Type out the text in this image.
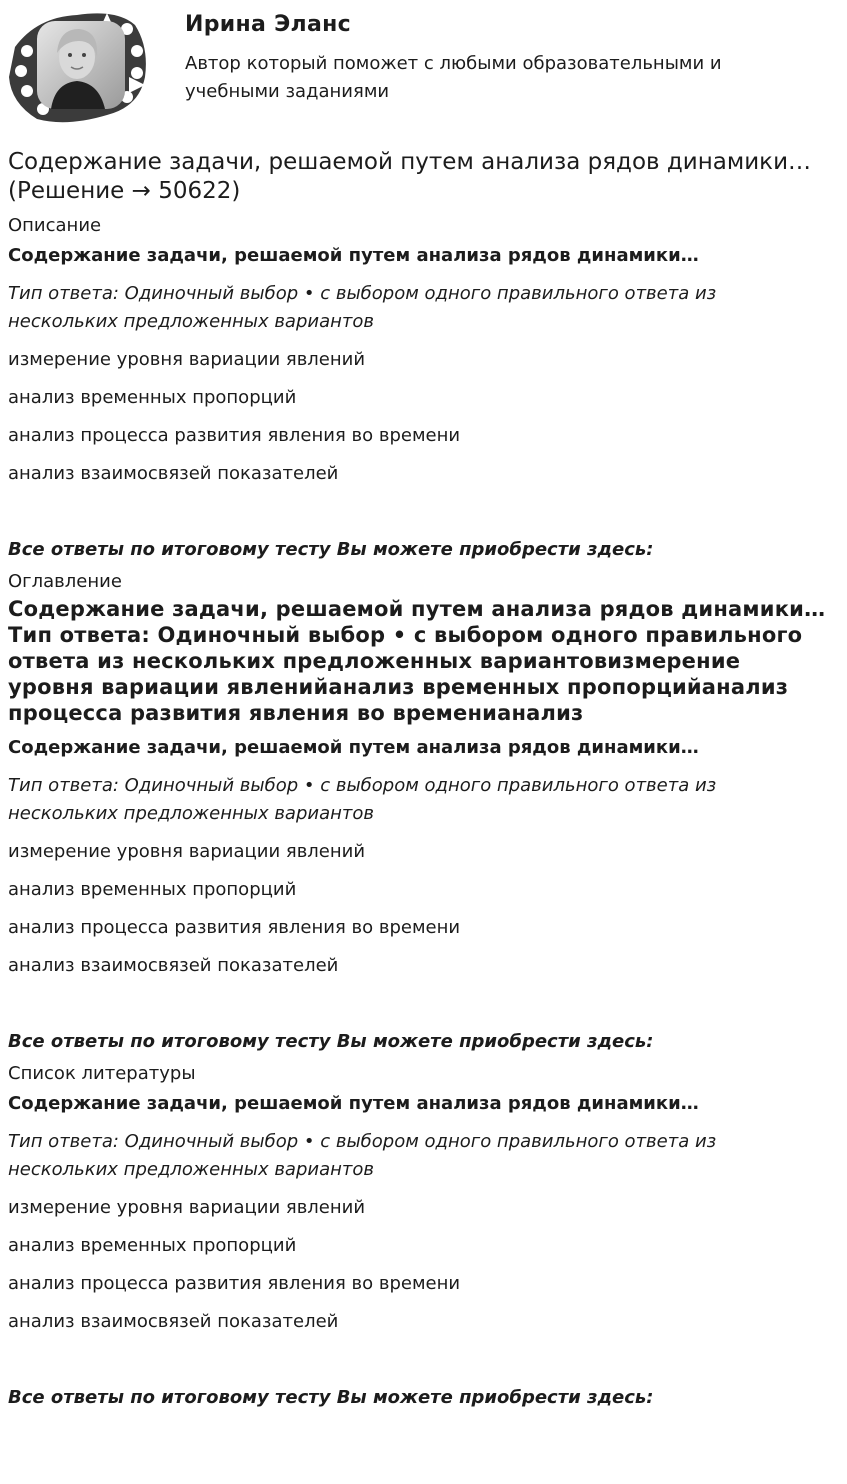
Ирина Эланс

Автор который поможет с любыми образовательными и учебными заданиями

Содержание задачи, решаемой путем анализа рядов динамики… (Решение → 50622)
Описание
Содержание задачи, решаемой путем анализа рядов динамики…
Тип ответа: Одиночный выбор • с выбором одного правильного ответа из нескольких предложенных вариантов
измерение уровня вариации явлений
анализ временных пропорций
анализ процесса развития явления во времени
анализ взаимосвязей показателей
Все ответы по итоговому тесту Вы можете приобрести здесь:
Оглавление
Содержание задачи, решаемой путем анализа рядов динамики…Тип ответа: Одиночный выбор • с выбором одного правильного ответа из нескольких предложенных вариантовизмерение уровня вариации явленийанализ временных пропорцийанализ процесса развития явления во временианализ
Содержание задачи, решаемой путем анализа рядов динамики…
Тип ответа: Одиночный выбор • с выбором одного правильного ответа из нескольких предложенных вариантов
измерение уровня вариации явлений
анализ временных пропорций
анализ процесса развития явления во времени
анализ взаимосвязей показателей
Все ответы по итоговому тесту Вы можете приобрести здесь:
Список литературы
Содержание задачи, решаемой путем анализа рядов динамики…
Тип ответа: Одиночный выбор • с выбором одного правильного ответа из нескольких предложенных вариантов
измерение уровня вариации явлений
анализ временных пропорций
анализ процесса развития явления во времени
анализ взаимосвязей показателей
Все ответы по итоговому тесту Вы можете приобрести здесь:
